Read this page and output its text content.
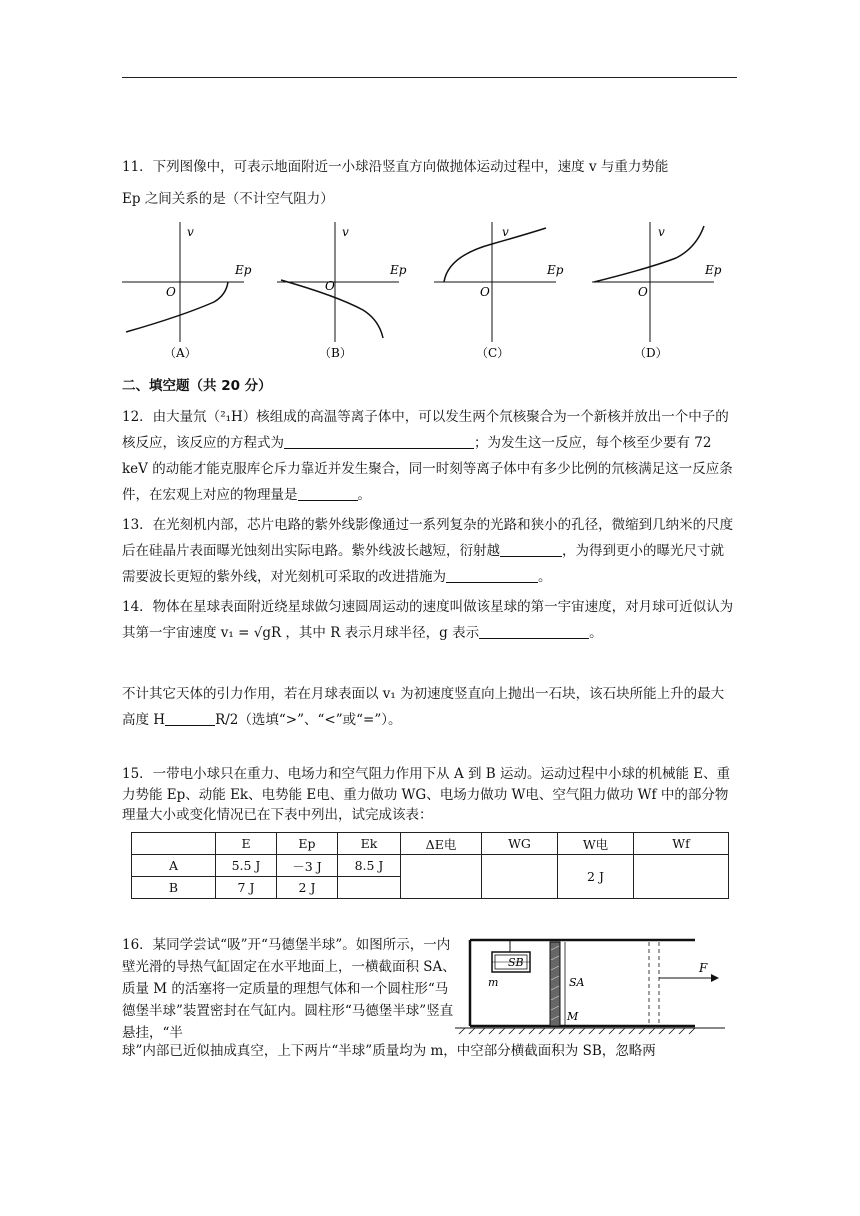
11．下列图像中，可表示地面附近一小球沿竖直方向做抛体运动过程中，速度 v 与重力势能

Ep 之间关系的是（不计空气阻力）

v
Ep
O
（A）
v
Ep
O
（B）
v
Ep
O
（C）
v
Ep
O
（D）
二、填空题（共 20 分）

12．由大量氘（²₁H）核组成的高温等离子体中，可以发生两个氘核聚合为一个新核并放出一个中子的核反应，该反应的方程式为	；为发生这一反应，每个核至少要有 72 keV 的动能才能克服库仑斥力靠近并发生聚合，同一时刻等离子体中有多少比例的氘核满足这一反应条件，在宏观上对应的物理量是	。

13．在光刻机内部，芯片电路的紫外线影像通过一系列复杂的光路和狭小的孔径，微缩到几纳米的尺度后在硅晶片表面曝光蚀刻出实际电路。紫外线波长越短，衍射越	，为得到更小的曝光尺寸就需要波长更短的紫外线，对光刻机可采取的改进措施为	。

14．物体在星球表面附近绕星球做匀速圆周运动的速度叫做该星球的第一宇宙速度，对月球可近似认为其第一宇宙速度 v₁ = √gR ，其中 R 表示月球半径，g 表示	。

不计其它天体的引力作用，若在月球表面以 v₁ 为初速度竖直向上抛出一石块，该石块所能上升的最大高度 H	R/2（选填“>”、“<”或“=”）。

15．一带电小球只在重力、电场力和空气阻力作用下从 A 到 B 运动。运动过程中小球的机械能 E、重力势能 Ep、动能 Ek、电势能 E电、重力做功 WG、电场力做功 W电、空气阻力做功 Wf 中的部分物理量大小或变化情况已在下表中列出，试完成该表：

	E	Ep	Ek	ΔE电	WG	W电	Wf
A	5.5 J	－3 J	8.5 J			2 J	
B	7 J	2 J					

16．某同学尝试“吸”开“马德堡半球”。如图所示，一内壁光滑的导热气缸固定在水平地面上，一横截面积 SA、质量 M 的活塞将一定质量的理想气体和一个圆柱形“马德堡半球”装置密封在气缸内。圆柱形“马德堡半球”竖直悬挂，“半

球”内部已近似抽成真空，上下两片“半球”质量均为 m，中空部分横截面积为 SB，忽略两

SB
m	SA
M
F
